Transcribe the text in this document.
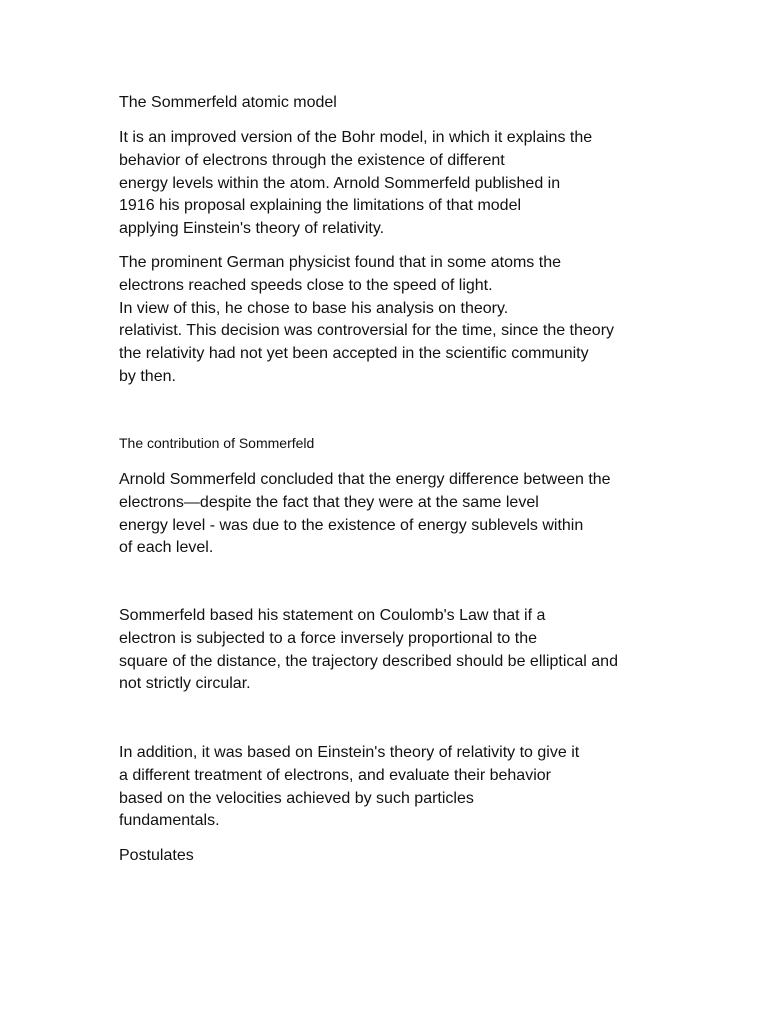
The Sommerfeld atomic model

It is an improved version of the Bohr model, in which it explains the
behavior of electrons through the existence of different
energy levels within the atom. Arnold Sommerfeld published in
1916 his proposal explaining the limitations of that model
applying Einstein's theory of relativity.

The prominent German physicist found that in some atoms the
electrons reached speeds close to the speed of light.
In view of this, he chose to base his analysis on theory.
relativist. This decision was controversial for the time, since the theory
the relativity had not yet been accepted in the scientific community
by then.

The contribution of Sommerfeld

Arnold Sommerfeld concluded that the energy difference between the
electrons—despite the fact that they were at the same level
energy level - was due to the existence of energy sublevels within
of each level.

Sommerfeld based his statement on Coulomb's Law that if a
electron is subjected to a force inversely proportional to the
square of the distance, the trajectory described should be elliptical and
not strictly circular.

In addition, it was based on Einstein's theory of relativity to give it
a different treatment of electrons, and evaluate their behavior
based on the velocities achieved by such particles
fundamentals.

Postulates
